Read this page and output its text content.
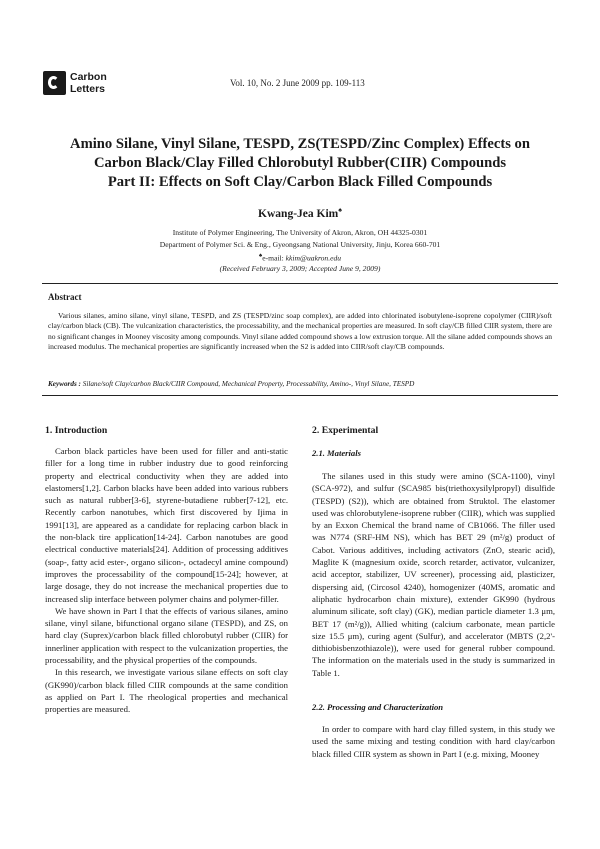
Carbon
Letters	Vol. 10, No. 2 June 2009 pp. 109-113
Amino Silane, Vinyl Silane, TESPD, ZS(TESPD/Zinc Complex) Effects on
Carbon Black/Clay Filled Chlorobutyl Rubber(CIIR) Compounds
Part II: Effects on Soft Clay/Carbon Black Filled Compounds
Kwang-Jea Kim♠
Institute of Polymer Engineering, The University of Akron, Akron, OH 44325-0301
Department of Polymer Sci. & Eng., Gyeongsang National University, Jinju, Korea 660-701
♠e-mail: kkim@uakron.edu
(Received February 3, 2009; Accepted June 9, 2009)
Abstract
Various silanes, amino silane, vinyl silane, TESPD, and ZS (TESPD/zinc soap complex), are added into chlorinated isobutylene-isoprene copolymer (CIIR)/soft clay/carbon black (CB). The vulcanization characteristics, the processability, and the mechanical properties are measured. In soft clay/CB filled CIIR system, there are no significant changes in Mooney viscosity among compounds. Vinyl silane added compound shows a low extrusion torque. All the silane added compounds shows an increased modulus. The mechanical properties are significantly increased when the S2 is added into CIIR/soft clay/CB compounds.
Keywords : Silane/soft Clay/carbon Black/CIIR Compound, Mechanical Property, Processability, Amino-, Vinyl Silane, TESPD
1. Introduction

Carbon black particles have been used for filler and anti-static filler for a long time in rubber industry due to good reinforcing property and electrical conductivity when they are added into elastomers[1,2]. Carbon blacks have been added into various rubbers such as natural rubber[3-6], styrene-butadiene rubber[7-12], etc. Recently carbon nanotubes, which first discovered by Ijima in 1991[13], are appeared as a candidate for replacing carbon black in the non-black tire application[14-24]. Carbon nanotubes are good electrical conductive materials[24]. Addition of processing additives (soap-, fatty acid ester-, organo silicon-, octadecyl amine compound) improves the processability of the compound[15-24]; however, at large dosage, they do not increase the mechanical properties due to increased slip interface between polymer chains and polymer-filler.

We have shown in Part I that the effects of various silanes, amino silane, vinyl silane, bifunctional organo silane (TESPD), and ZS, on hard clay (Suprex)/carbon black filled chlorobutyl rubber (CIIR) for innerliner application with respect to the vulcanization properties, the processability, and the physical properties of the compounds.

In this research, we investigate various silane effects on soft clay (GK990)/carbon black filled CIIR compounds at the same condition as applied on Part I. The rheological properties and mechanical properties are measured.

2. Experimental
2.1. Materials

The silanes used in this study were amino (SCA-1100), vinyl (SCA-972), and sulfur (SCA985 bis(triethoxysilylpropyl) disulfide (TESPD) (S2)), which are obtained from Struktol. The elastomer used was chlorobutylene-isoprene rubber (CIIR), which was supplied by an Exxon Chemical the brand name of CB1066. The filler used was N774 (SRF-HM NS), which has BET 29 (m²/g) product of Cabot. Various additives, including activators (ZnO, stearic acid), Maglite K (magnesium oxide, scorch retarder, activator, vulcanizer, acid acceptor, stabilizer, UV screener), processing aid, plasticizer, dispersing aid, (Circosol 4240), homogenizer (40MS, aromatic and aliphatic hydrocarbon chain mixture), extender GK990 (hydrous aluminum silicate, soft clay) (GK), median particle diameter 1.3 μm, BET 17 (m²/g)), Allied whiting (calcium carbonate, mean particle size 15.5 μm), curing agent (Sulfur), and accelerator (MBTS (2,2'-dithiobisbenzothiazole)), were used for general rubber compound. The information on the materials used in the study is summarized in Table 1.

2.2. Processing and Characterization

In order to compare with hard clay filled system, in this study we used the same mixing and testing condition with hard clay/carbon black filled CIIR system as shown in Part I (e.g. mixing, Mooney
